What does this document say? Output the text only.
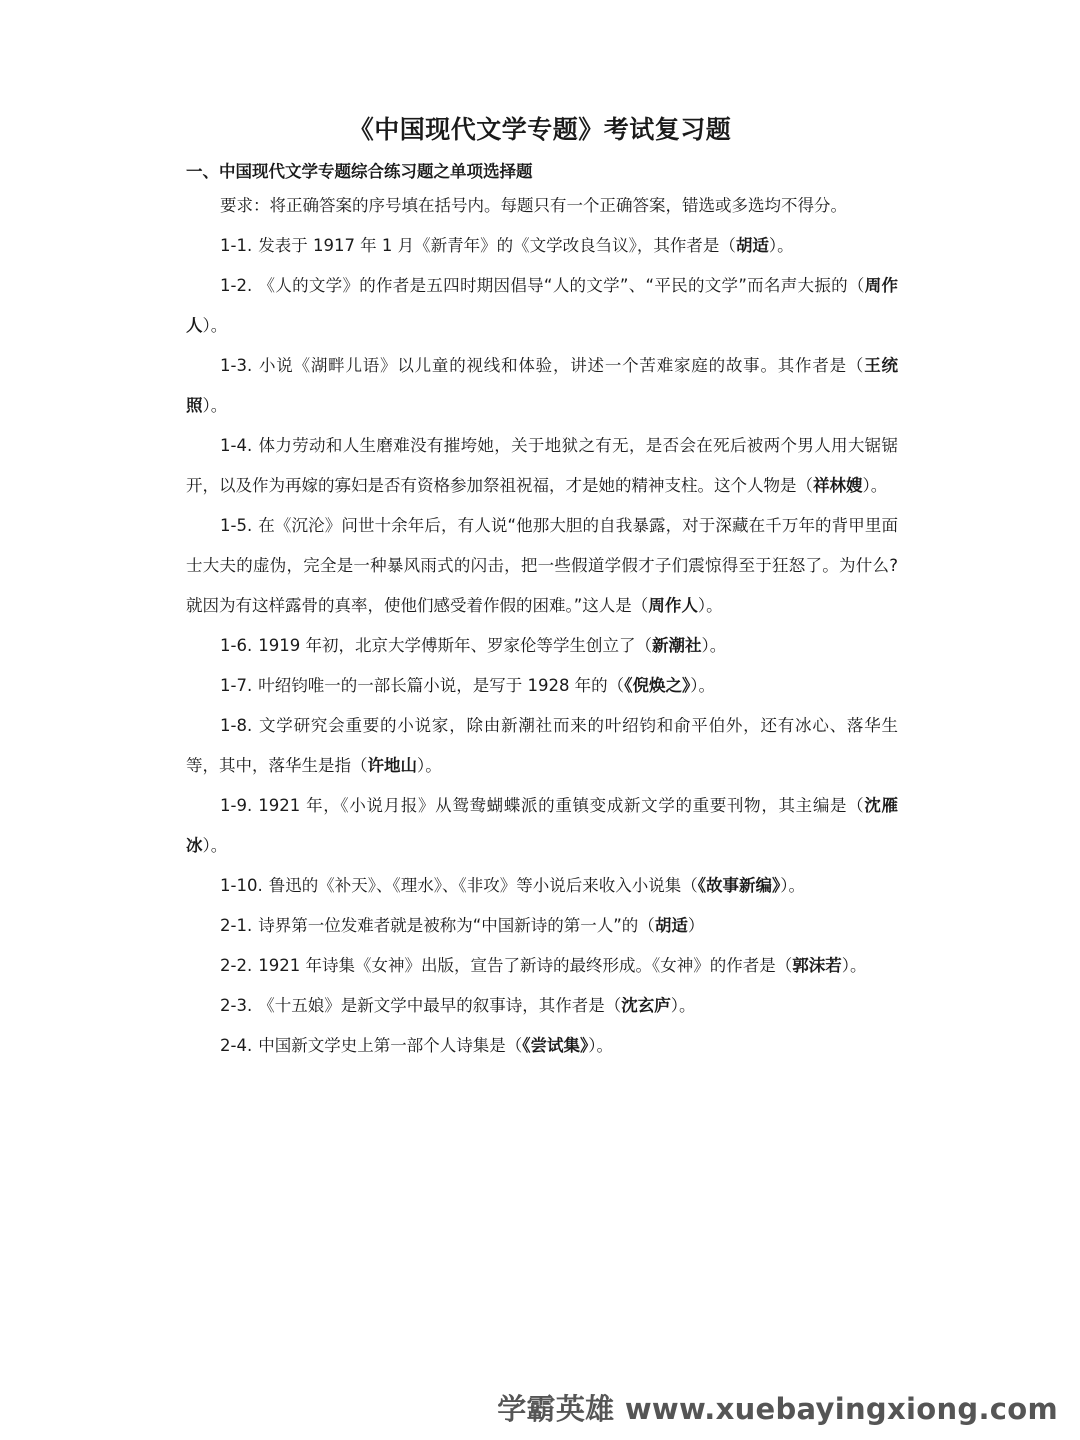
《中国现代文学专题》考试复习题
一、中国现代文学专题综合练习题之单项选择题

要求：将正确答案的序号填在括号内。每题只有一个正确答案，错选或多选均不得分。

1-1. 发表于 1917 年 1 月《新青年》的《文学改良刍议》，其作者是（胡适）。

1-2. 《人的文学》的作者是五四时期因倡导“人的文学”、“平民的文学”而名声大振的（周作人）。

1-3. 小说《湖畔儿语》以儿童的视线和体验，讲述一个苦难家庭的故事。其作者是（王统照）。

1-4. 体力劳动和人生磨难没有摧垮她，关于地狱之有无，是否会在死后被两个男人用大锯锯开，以及作为再嫁的寡妇是否有资格参加祭祖祝福，才是她的精神支柱。这个人物是（祥林嫂）。

1-5. 在《沉沦》问世十余年后，有人说“他那大胆的自我暴露，对于深藏在千万年的背甲里面士大夫的虚伪，完全是一种暴风雨式的闪击，把一些假道学假才子们震惊得至于狂怒了。为什么?就因为有这样露骨的真率，使他们感受着作假的困难。”这人是（周作人）。

1-6. 1919 年初，北京大学傅斯年、罗家伦等学生创立了（新潮社）。

1-7. 叶绍钧唯一的一部长篇小说，是写于 1928 年的（《倪焕之》）。

1-8. 文学研究会重要的小说家，除由新潮社而来的叶绍钧和俞平伯外，还有冰心、落华生等，其中，落华生是指（许地山）。

1-9. 1921 年，《小说月报》从鸳鸯蝴蝶派的重镇变成新文学的重要刊物，其主编是（沈雁冰）。

1-10. 鲁迅的《补天》、《理水》、《非攻》等小说后来收入小说集（《故事新编》）。

2-1. 诗界第一位发难者就是被称为“中国新诗的第一人”的（胡适）

2-2. 1921 年诗集《女神》出版，宣告了新诗的最终形成。《女神》的作者是（郭沫若）。

2-3. 《十五娘》是新文学中最早的叙事诗，其作者是（沈玄庐）。

2-4. 中国新文学史上第一部个人诗集是（《尝试集》）。

学霸英雄 www.xuebayingxiong.com
